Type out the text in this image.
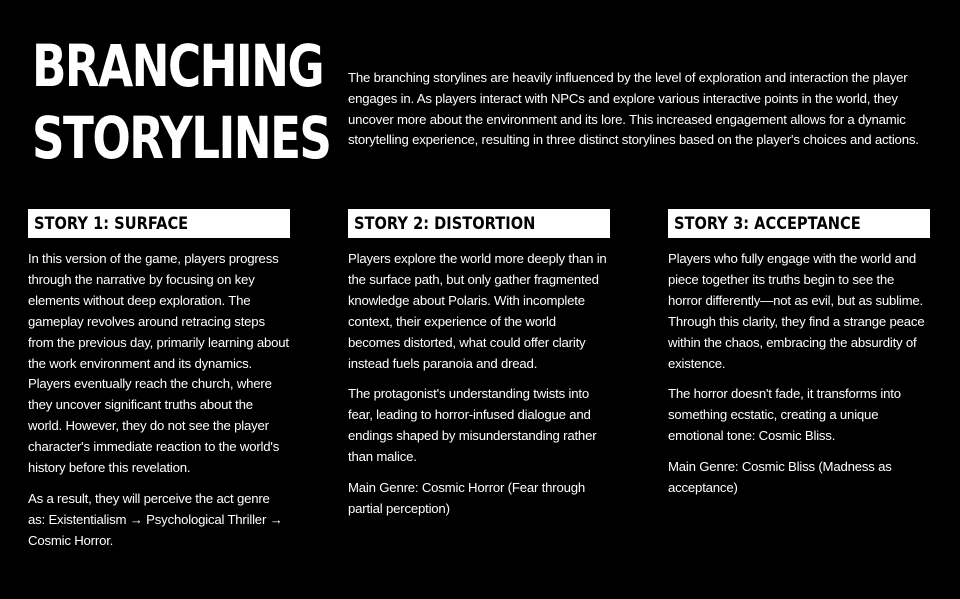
BRANCHING
STORYLINES

The branching storylines are heavily influenced by the level of exploration and interaction the player engages in. As players interact with NPCs and explore various interactive points in the world, they uncover more about the environment and its lore. This increased engagement allows for a dynamic storytelling experience, resulting in three distinct storylines based on the player's choices and actions.

STORY 1: SURFACE

In this version of the game, players progress through the narrative by focusing on key elements without deep exploration. The gameplay revolves around retracing steps from the previous day, primarily learning about the work environment and its dynamics. Players eventually reach the church, where they uncover significant truths about the world. However, they do not see the player character's immediate reaction to the world's history before this revelation.

As a result, they will perceive the act genre as: Existentialism → Psychological Thriller → Cosmic Horror.

STORY 2: DISTORTION

Players explore the world more deeply than in the surface path, but only gather fragmented knowledge about Polaris. With incomplete context, their experience of the world becomes distorted, what could offer clarity instead fuels paranoia and dread.

The protagonist's understanding twists into fear, leading to horror-infused dialogue and endings shaped by misunderstanding rather than malice.

Main Genre: Cosmic Horror (Fear through partial perception)

STORY 3: ACCEPTANCE

Players who fully engage with the world and piece together its truths begin to see the horror differently—not as evil, but as sublime. Through this clarity, they find a strange peace within the chaos, embracing the absurdity of existence.

The horror doesn't fade, it transforms into something ecstatic, creating a unique emotional tone: Cosmic Bliss.

Main Genre: Cosmic Bliss (Madness as acceptance)
